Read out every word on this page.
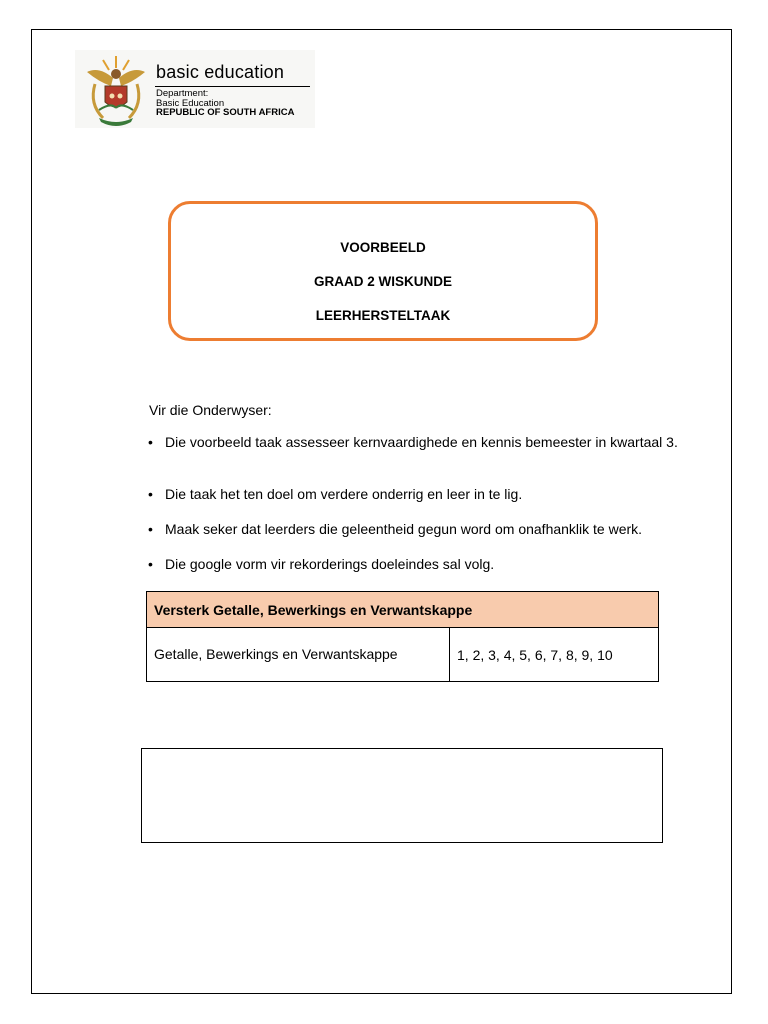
basic education
Department:
Basic Education
REPUBLIC OF SOUTH AFRICA
VOORBEELD
GRAAD 2 WISKUNDE
LEERHERSTELTAAK
Vir die Onderwyser:
• Die voorbeeld taak assesseer kernvaardighede en kennis bemeester in kwartaal 3.
• Die taak het ten doel om verdere onderrig en leer in te lig.
• Maak seker dat leerders die geleentheid gegun word om onafhanklik te werk.
• Die google vorm vir rekorderings doeleindes sal volg.
Versterk Getalle, Bewerkings en Verwantskappe
Getalle, Bewerkings en Verwantskappe	1, 2, 3, 4, 5, 6, 7, 8, 9, 10
